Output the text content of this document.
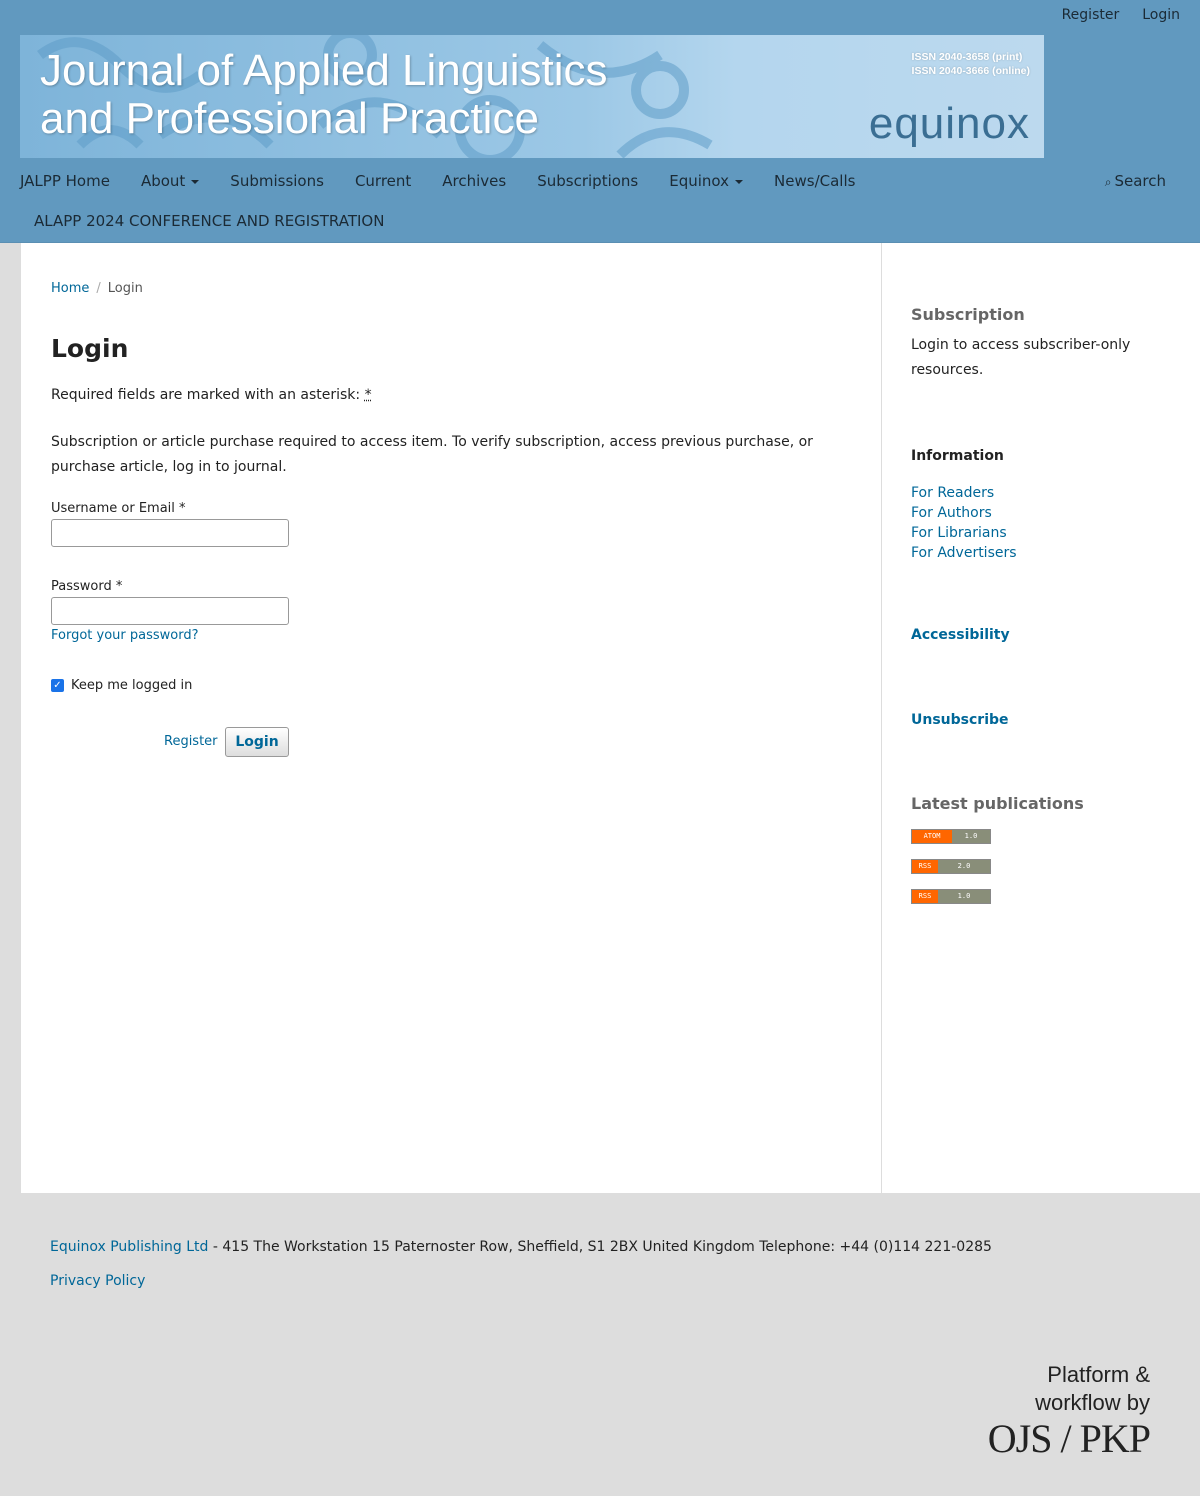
Register Login
Journal of Applied Linguistics
and Professional Practice
ISSN 2040-3658 (print)
ISSN 2040-3666 (online)
equinox
JALPP Home About	Submissions Current Archives Subscriptions Equinox	News/Calls	⌕ Search
ALAPP 2024 CONFERENCE AND REGISTRATION
Home / Login
Login

Required fields are marked with an asterisk: *

Subscription or article purchase required to access item. To verify subscription, access previous purchase, or purchase article, log in to journal.

Username or Email *
Password *
Forgot your password?
✓ Keep me logged in
Register	Login
Subscription
Login to access subscriber-only resources.
Information
For Readers
For Authors
For Librarians
For Advertisers
Accessibility
Unsubscribe
Latest publications
ATOM	1.0
RSS	2.0
RSS	1.0
Equinox Publishing Ltd - 415 The Workstation 15 Paternoster Row, Sheffield, S1 2BX United Kingdom Telephone: +44 (0)114 221-0285
Privacy Policy
Platform &
workflow by
OJS / PKP
